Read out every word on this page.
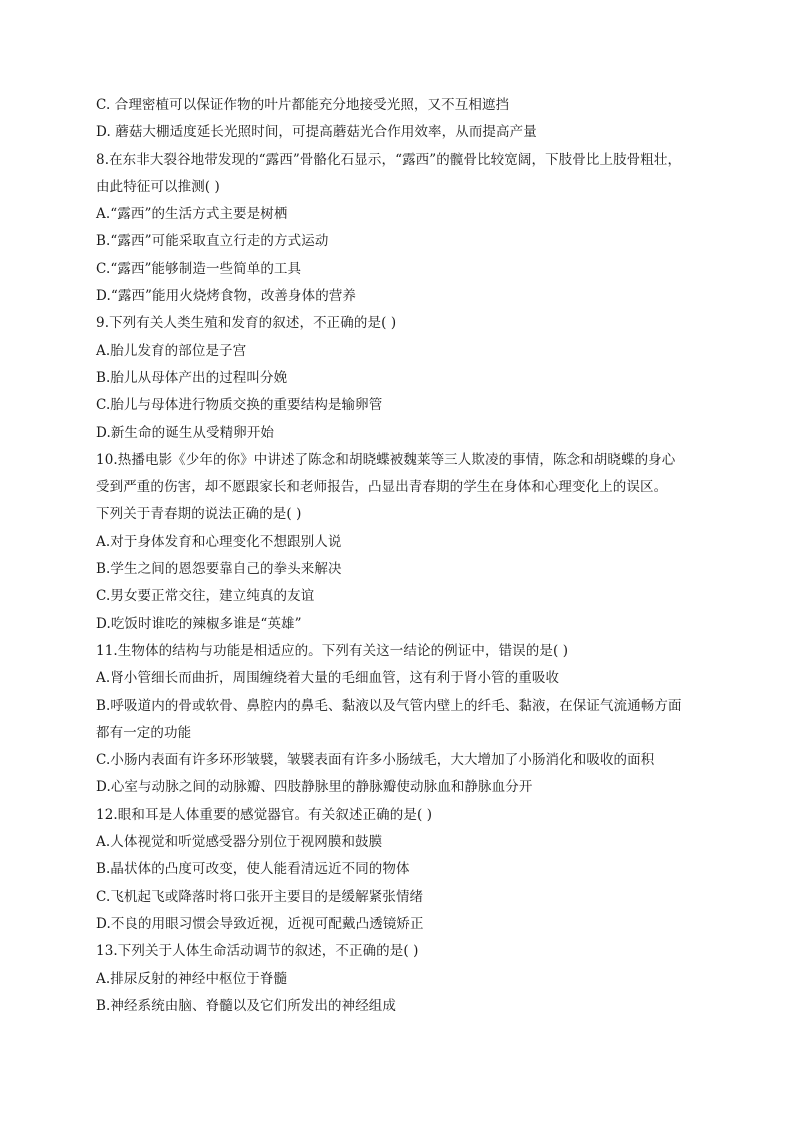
C. 合理密植可以保证作物的叶片都能充分地接受光照，又不互相遮挡
D. 蘑菇大棚适度延长光照时间，可提高蘑菇光合作用效率，从而提高产量
8.在东非大裂谷地带发现的“露西”骨骼化石显示，“露西”的髋骨比较宽阔，下肢骨比上肢骨粗壮，
由此特征可以推测( )
A.“露西”的生活方式主要是树栖
B.“露西”可能采取直立行走的方式运动
C.“露西”能够制造一些简单的工具
D.“露西”能用火烧烤食物，改善身体的营养
9.下列有关人类生殖和发育的叙述，不正确的是( )
A.胎儿发育的部位是子宫
B.胎儿从母体产出的过程叫分娩
C.胎儿与母体进行物质交换的重要结构是输卵管
D.新生命的诞生从受精卵开始
10.热播电影《少年的你》中讲述了陈念和胡晓蝶被魏莱等三人欺凌的事情，陈念和胡晓蝶的身心
受到严重的伤害，却不愿跟家长和老师报告，凸显出青春期的学生在身体和心理变化上的误区。
下列关于青春期的说法正确的是( )
A.对于身体发育和心理变化不想跟别人说
B.学生之间的恩怨要靠自己的拳头来解决
C.男女要正常交往，建立纯真的友谊
D.吃饭时谁吃的辣椒多谁是“英雄”
11.生物体的结构与功能是相适应的。下列有关这一结论的例证中，错误的是( )
A.肾小管细长而曲折，周围缠绕着大量的毛细血管，这有利于肾小管的重吸收
B.呼吸道内的骨或软骨、鼻腔内的鼻毛、黏液以及气管内壁上的纤毛、黏液，在保证气流通畅方面
都有一定的功能
C.小肠内表面有许多环形皱襞，皱襞表面有许多小肠绒毛，大大增加了小肠消化和吸收的面积
D.心室与动脉之间的动脉瓣、四肢静脉里的静脉瓣使动脉血和静脉血分开
12.眼和耳是人体重要的感觉器官。有关叙述正确的是( )
A.人体视觉和听觉感受器分别位于视网膜和鼓膜
B.晶状体的凸度可改变，使人能看清远近不同的物体
C.飞机起飞或降落时将口张开主要目的是缓解紧张情绪
D.不良的用眼习惯会导致近视，近视可配戴凸透镜矫正
13.下列关于人体生命活动调节的叙述，不正确的是( )
A.排尿反射的神经中枢位于脊髓
B.神经系统由脑、脊髓以及它们所发出的神经组成
